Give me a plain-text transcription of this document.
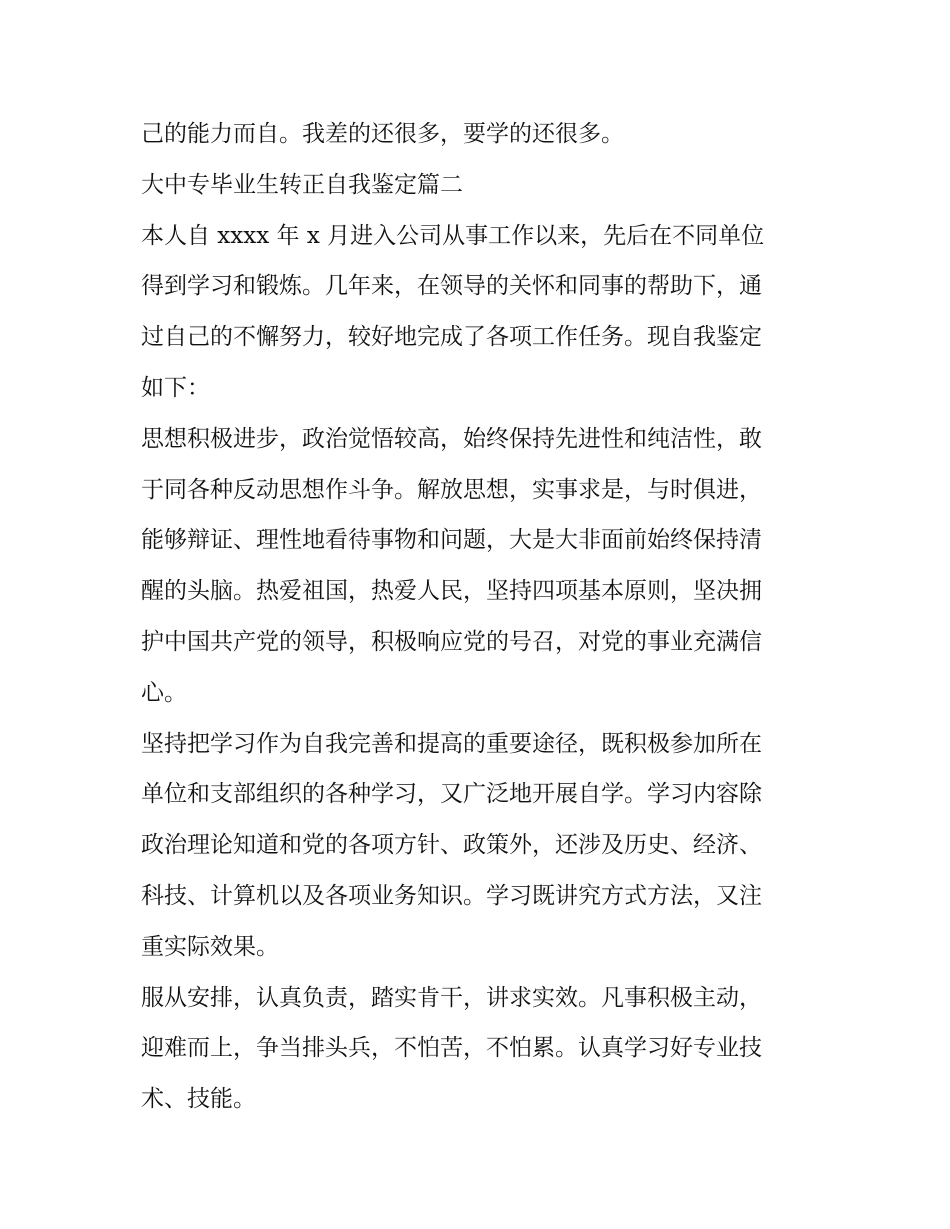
己的能力而自。我差的还很多，要学的还很多。
大中专毕业生转正自我鉴定篇二
本人自 xxxx 年 x 月进入公司从事工作以来，先后在不同单位
得到学习和锻炼。几年来，在领导的关怀和同事的帮助下，通
过自己的不懈努力，较好地完成了各项工作任务。现自我鉴定
如下：
思想积极进步，政治觉悟较高，始终保持先进性和纯洁性，敢
于同各种反动思想作斗争。解放思想，实事求是，与时俱进，
能够辩证、理性地看待事物和问题，大是大非面前始终保持清
醒的头脑。热爱祖国，热爱人民，坚持四项基本原则，坚决拥
护中国共产党的领导，积极响应党的号召，对党的事业充满信
心。
坚持把学习作为自我完善和提高的重要途径，既积极参加所在
单位和支部组织的各种学习，又广泛地开展自学。学习内容除
政治理论知道和党的各项方针、政策外，还涉及历史、经济、
科技、计算机以及各项业务知识。学习既讲究方式方法，又注
重实际效果。
服从安排，认真负责，踏实肯干，讲求实效。凡事积极主动，
迎难而上，争当排头兵，不怕苦，不怕累。认真学习好专业技
术、技能。
